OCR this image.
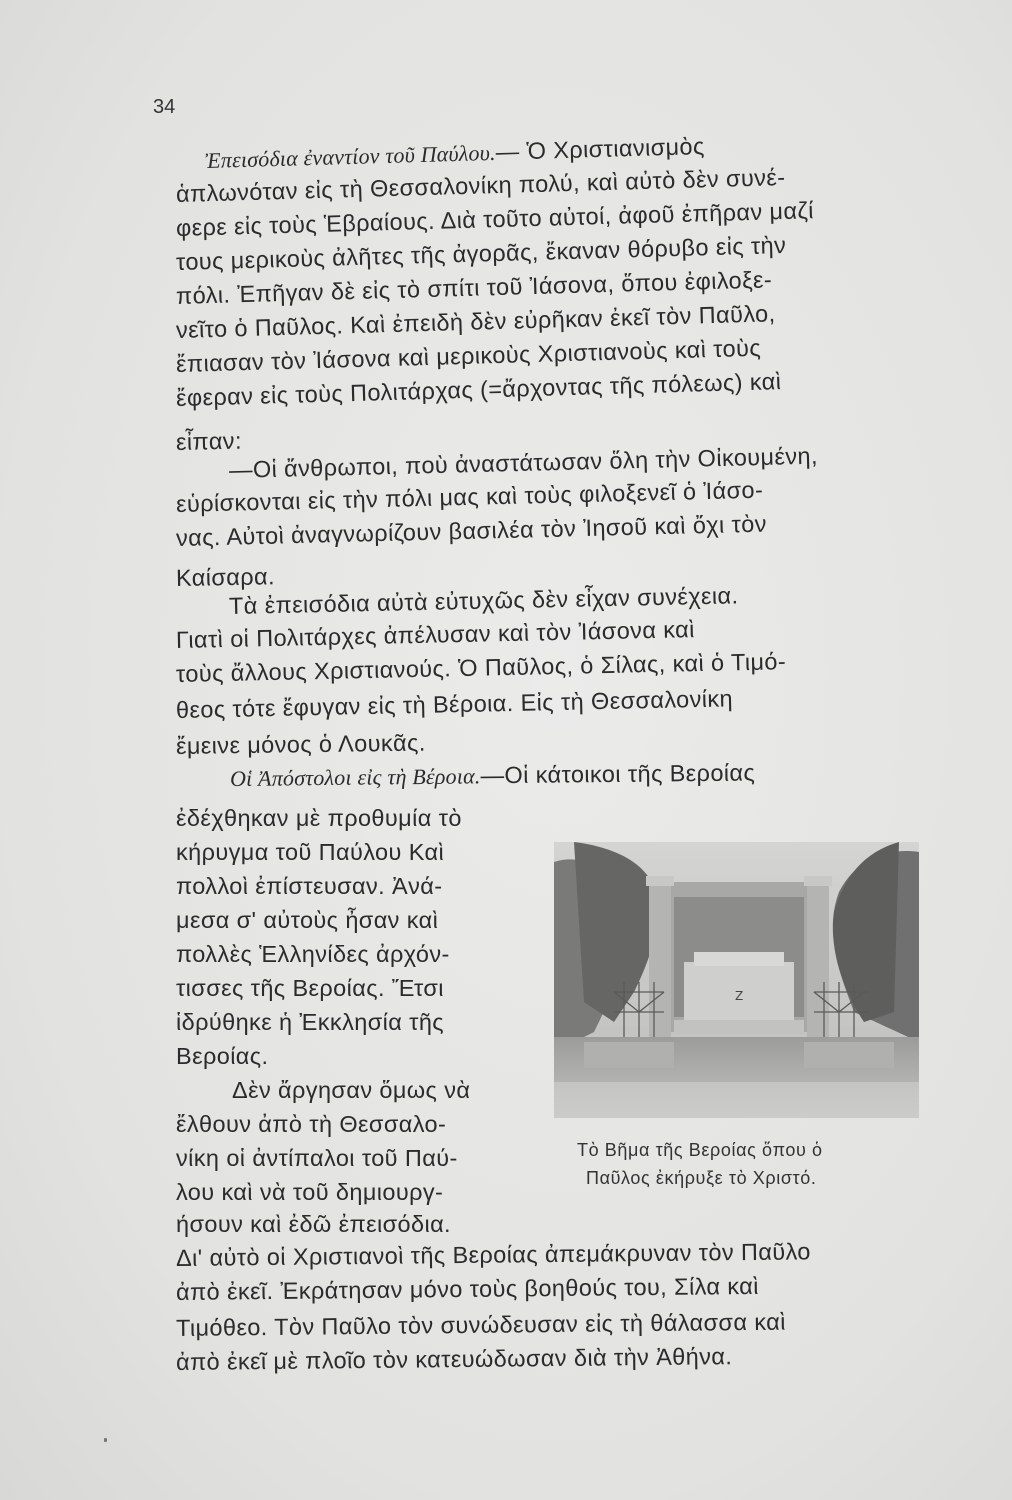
34
Ἐπεισόδια ἐναντίον τοῦ Παύλου.— Ὁ Χριστιανισμὸς
ἁπλωνόταν εἰς τὴ Θεσσαλονίκη πολύ, καὶ αὐτὸ δὲν συνέ-
φερε εἰς τοὺς Ἑβραίους. Διὰ τοῦτο αὐτοί, ἀφοῦ ἐπῆραν μαζί
τους μερικοὺς ἀλῆτες τῆς ἀγορᾶς, ἔκαναν θόρυβο εἰς τὴν
πόλι. Ἐπῆγαν δὲ εἰς τὸ σπίτι τοῦ Ἰάσονα, ὅπου ἐφιλοξε-
νεῖτο ὁ Παῦλος. Καὶ ἐπειδὴ δὲν εὐρῆκαν ἐκεῖ τὸν Παῦλο,
ἔπιασαν τὸν Ἰάσονα καὶ μερικοὺς Χριστιανοὺς καὶ τοὺς
ἔφεραν εἰς τοὺς Πολιτάρχας (=ἄρχοντας τῆς πόλεως) καὶ
εἶπαν:
—Οἱ ἄνθρωποι, ποὺ ἀναστάτωσαν ὅλη τὴν Οἰκουμένη,
εὑρίσκονται εἰς τὴν πόλι μας καὶ τοὺς φιλοξενεῖ ὁ Ἰάσο-
νας. Αὐτοὶ ἀναγνωρίζουν βασιλέα τὸν Ἰησοῦ καὶ ὄχι τὸν
Καίσαρα.
Τὰ ἐπεισόδια αὐτὰ εὐτυχῶς δὲν εἶχαν συνέχεια.
Γιατὶ οἱ Πολιτάρχες ἀπέλυσαν καὶ τὸν Ἰάσονα καὶ
τοὺς ἄλλους Χριστιανούς. Ὁ Παῦλος, ὁ Σίλας, καὶ ὁ Τιμό-
θεος τότε ἔφυγαν εἰς τὴ Βέροια. Εἰς τὴ Θεσσαλονίκη
ἔμεινε μόνος ὁ Λουκᾶς.
Οἱ Ἀπόστολοι εἰς τὴ Βέροια.—Οἱ κάτοικοι τῆς Βεροίας
ἐδέχθηκαν μὲ προθυμία τὸ
κήρυγμα τοῦ Παύλου Καὶ
πολλοὶ ἐπίστευσαν. Ἀνά-
μεσα σ' αὐτοὺς ἦσαν καὶ
πολλὲς Ἑλληνίδες ἀρχόν-
τισσες τῆς Βεροίας. Ἔτσι
ἱδρύθηκε ἡ Ἐκκλησία τῆς
Βεροίας.
Δὲν ἄργησαν ὅμως νὰ
ἔλθουν ἀπὸ τὴ Θεσσαλο-
νίκη οἱ ἀντίπαλοι τοῦ Παύ-
λου καὶ νὰ τοῦ δημιουργ-
ήσουν καὶ ἐδῶ ἐπεισόδια.
Δι' αὐτὸ οἱ Χριστιανοὶ τῆς Βεροίας ἀπεμάκρυναν τὸν Παῦλο
ἀπὸ ἐκεῖ. Ἐκράτησαν μόνο τοὺς βοηθούς του, Σίλα καὶ
Τιμόθεο. Τὸν Παῦλο τὸν συνώδευσαν εἰς τὴ θάλασσα καὶ
ἀπὸ ἐκεῖ μὲ πλοῖο τὸν κατευώδωσαν διὰ τὴν Ἀθήνα.
Z
Τὸ Βῆμα τῆς Βεροίας ὅπου ὁ
Παῦλος ἐκήρυξε τὸ Χριστό.
